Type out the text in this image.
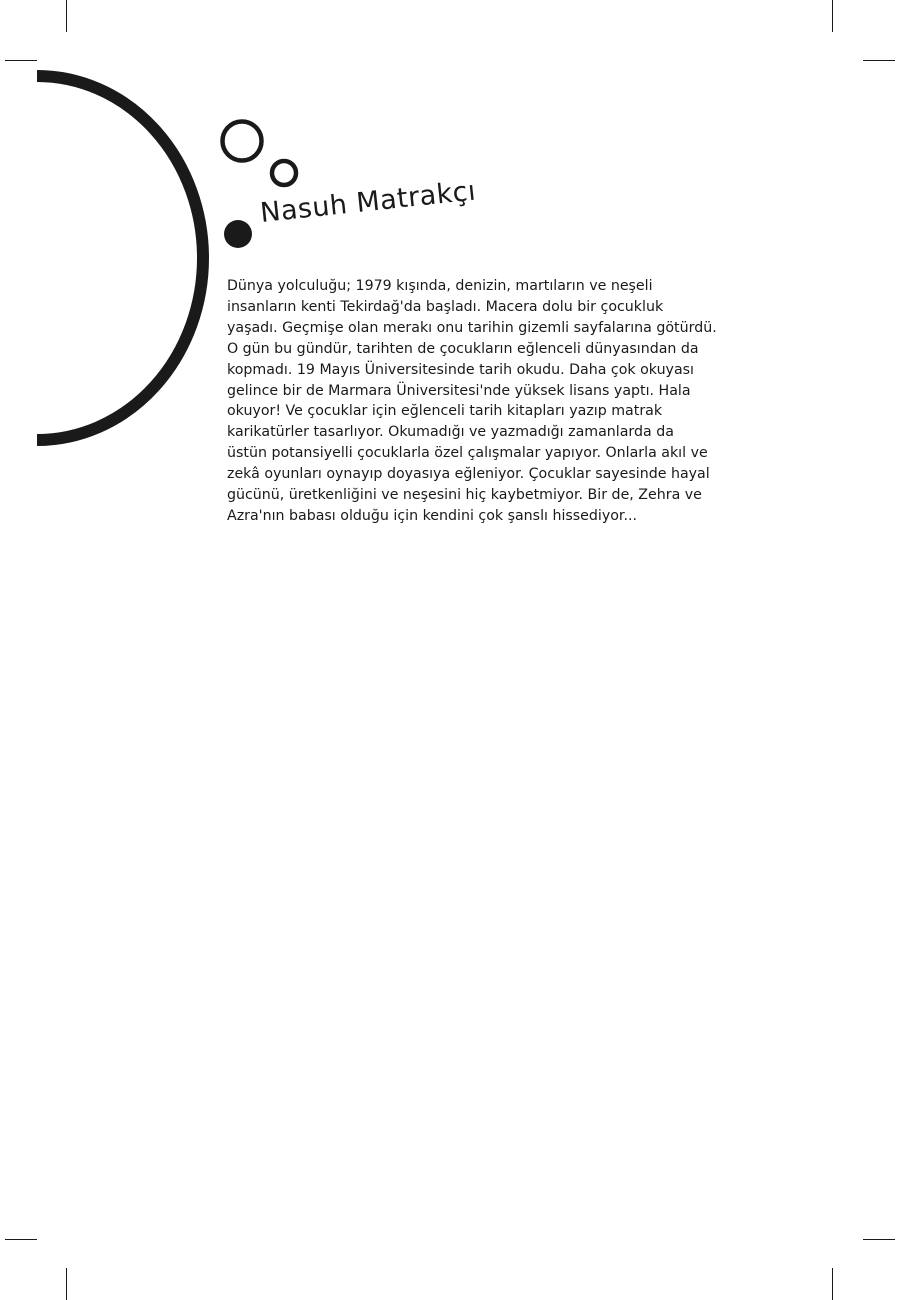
Nasuh Matrakçı

Dünya yolculuğu; 1979 kışında, denizin, martıların ve neşeli
insanların kenti Tekirdağ'da başladı. Macera dolu bir çocukluk
yaşadı. Geçmişe olan merakı onu tarihin gizemli sayfalarına götürdü.
O gün bu gündür, tarihten de çocukların eğlenceli dünyasından da
kopmadı. 19 Mayıs Üniversitesinde tarih okudu. Daha çok okuyası
gelince bir de Marmara Üniversitesi'nde yüksek lisans yaptı. Hala
okuyor! Ve çocuklar için eğlenceli tarih kitapları yazıp matrak
karikatürler tasarlıyor. Okumadığı ve yazmadığı zamanlarda da
üstün potansiyelli çocuklarla özel çalışmalar yapıyor. Onlarla akıl ve
zekâ oyunları oynayıp doyasıya eğleniyor. Çocuklar sayesinde hayal
gücünü, üretkenliğini ve neşesini hiç kaybetmiyor. Bir de, Zehra ve
Azra'nın babası olduğu için kendini çok şanslı hissediyor...
